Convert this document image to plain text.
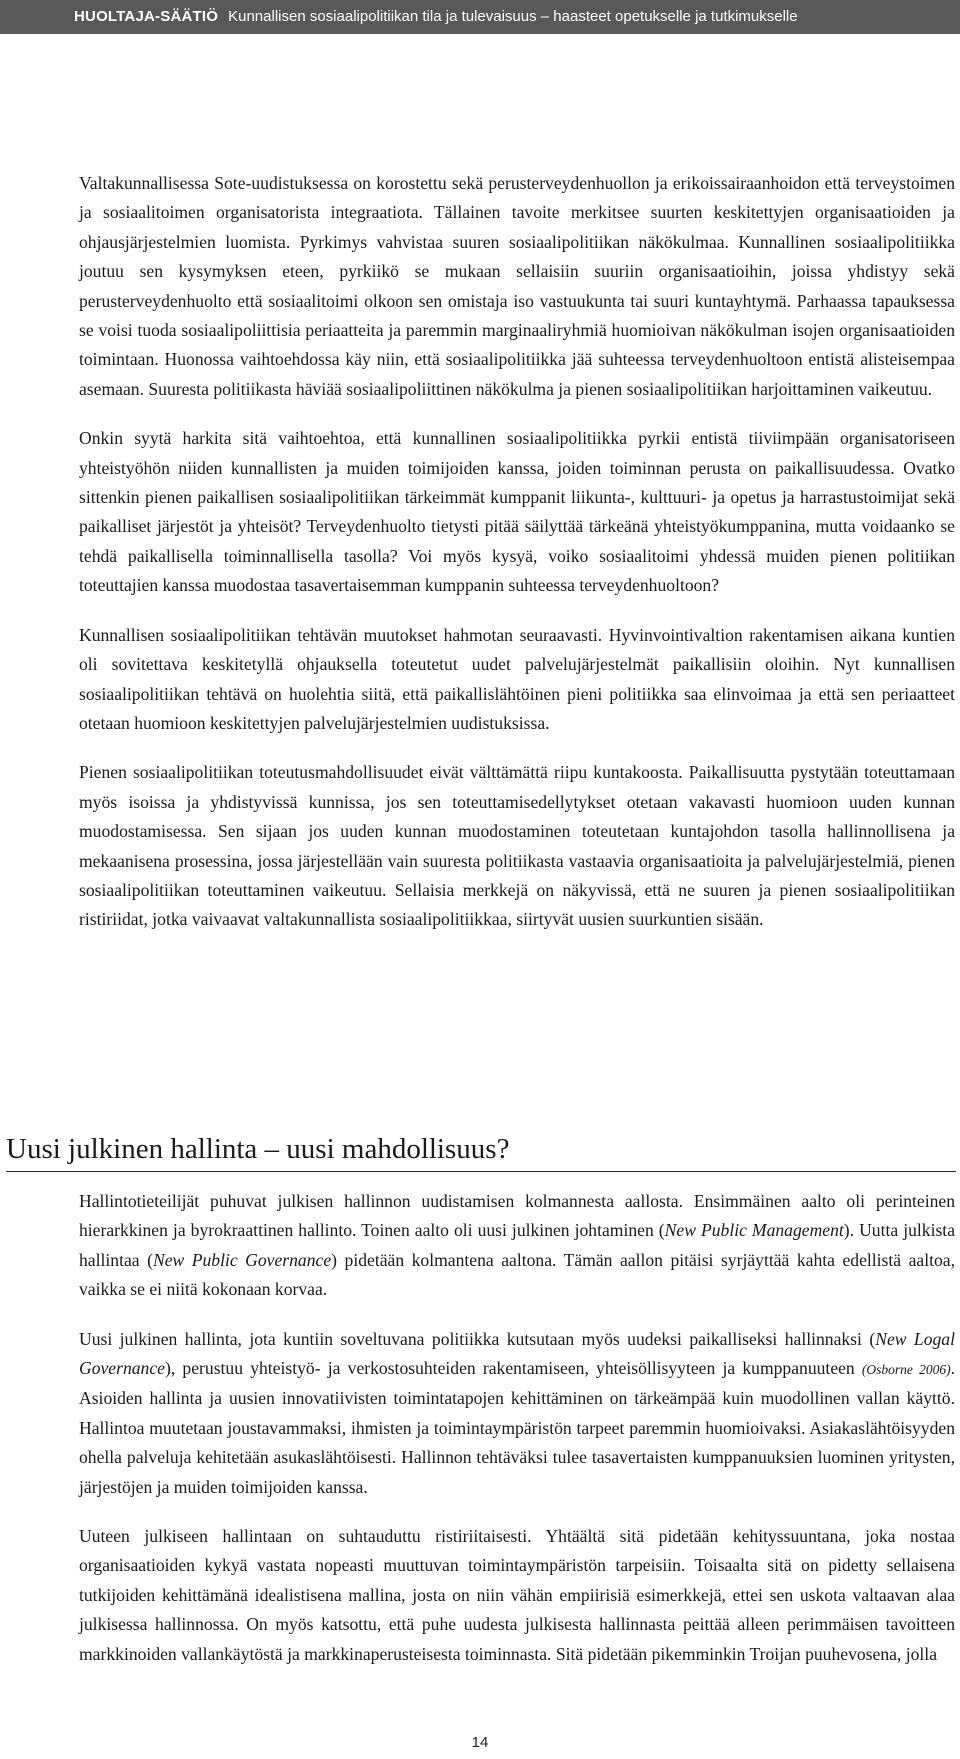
HUOLTAJA-SÄÄTIÖ Kunnallisen sosiaalipolitiikan tila ja tulevaisuus – haasteet opetukselle ja tutkimukselle

Valtakunnallisessa Sote-uudistuksessa on korostettu sekä perusterveydenhuollon ja erikoissairaanhoidon että terveystoimen ja sosiaalitoimen organisatorista integraatiota. Tällainen tavoite merkitsee suurten keskitettyjen organisaatioiden ja ohjausjärjestelmien luomista. Pyrkimys vahvistaa suuren sosiaalipolitiikan näkökulmaa. Kunnallinen sosiaalipolitiikka joutuu sen kysymyksen eteen, pyrkiikö se mukaan sellaisiin suuriin organisaatioihin, joissa yhdistyy sekä perusterveydenhuolto että sosiaalitoimi olkoon sen omistaja iso vastuukunta tai suuri kuntayhtymä. Parhaassa tapauksessa se voisi tuoda sosiaalipoliittisia periaatteita ja paremmin marginaaliryhmiä huomioivan näkökulman isojen organisaatioiden toimintaan. Huonossa vaihtoehdossa käy niin, että sosiaalipolitiikka jää suhteessa terveydenhuoltoon entistä alisteisempaa asemaan. Suuresta politiikasta häviää sosiaalipoliittinen näkökulma ja pienen sosiaalipolitiikan harjoittaminen vaikeutuu.

Onkin syytä harkita sitä vaihtoehtoa, että kunnallinen sosiaalipolitiikka pyrkii entistä tiiviimpään organisatoriseen yhteistyöhön niiden kunnallisten ja muiden toimijoiden kanssa, joiden toiminnan perusta on paikallisuudessa. Ovatko sittenkin pienen paikallisen sosiaalipolitiikan tärkeimmät kumppanit liikunta-, kulttuuri- ja opetus ja harrastustoimijat sekä paikalliset järjestöt ja yhteisöt? Terveydenhuolto tietysti pitää säilyttää tärkeänä yhteistyökumppanina, mutta voidaanko se tehdä paikallisella toiminnallisella tasolla? Voi myös kysyä, voiko sosiaalitoimi yhdessä muiden pienen politiikan toteuttajien kanssa muodostaa tasavertaisemman kumppanin suhteessa terveydenhuoltoon?

Kunnallisen sosiaalipolitiikan tehtävän muutokset hahmotan seuraavasti. Hyvinvointivaltion rakentamisen aikana kuntien oli sovitettava keskitetyllä ohjauksella toteutetut uudet palvelujärjestelmät paikallisiin oloihin. Nyt kunnallisen sosiaalipolitiikan tehtävä on huolehtia siitä, että paikallislähtöinen pieni politiikka saa elinvoimaa ja että sen periaatteet otetaan huomioon keskitettyjen palvelujärjestelmien uudistuksissa.

Pienen sosiaalipolitiikan toteutusmahdollisuudet eivät välttämättä riipu kuntakoosta. Paikallisuutta pystytään toteuttamaan myös isoissa ja yhdistyvissä kunnissa, jos sen toteuttamisedellytykset otetaan vakavasti huomioon uuden kunnan muodostamisessa. Sen sijaan jos uuden kunnan muodostaminen toteutetaan kuntajohdon tasolla hallinnollisena ja mekaanisena prosessina, jossa järjestellään vain suuresta politiikasta vastaavia organisaatioita ja palvelujärjestelmiä, pienen sosiaalipolitiikan toteuttaminen vaikeutuu. Sellaisia merkkejä on näkyvissä, että ne suuren ja pienen sosiaalipolitiikan ristiriidat, jotka vaivaavat valtakunnallista sosiaalipolitiikkaa, siirtyvät uusien suurkuntien sisään.

Uusi julkinen hallinta – uusi mahdollisuus?

Hallintotieteilijät puhuvat julkisen hallinnon uudistamisen kolmannesta aallosta. Ensimmäinen aalto oli perinteinen hierarkkinen ja byrokraattinen hallinto. Toinen aalto oli uusi julkinen johtaminen (New Public Management). Uutta julkista hallintaa (New Public Governance) pidetään kolmantena aaltona. Tämän aallon pitäisi syrjäyttää kahta edellistä aaltoa, vaikka se ei niitä kokonaan korvaa.

Uusi julkinen hallinta, jota kuntiin soveltuvana politiikka kutsutaan myös uudeksi paikalliseksi hallinnaksi (New Logal Governance), perustuu yhteistyö- ja verkostosuhteiden rakentamiseen, yhteisöllisyyteen ja kumppanuuteen (Osborne 2006). Asioiden hallinta ja uusien innovatiivisten toimintatapojen kehittäminen on tärkeämpää kuin muodollinen vallan käyttö. Hallintoa muutetaan joustavammaksi, ihmisten ja toimintaympäristön tarpeet paremmin huomioivaksi. Asiakaslähtöisyyden ohella palveluja kehitetään asukaslähtöisesti. Hallinnon tehtäväksi tulee tasavertaisten kumppanuuksien luominen yritysten, järjestöjen ja muiden toimijoiden kanssa.

Uuteen julkiseen hallintaan on suhtauduttu ristiriitaisesti. Yhtäältä sitä pidetään kehityssuuntana, joka nostaa organisaatioiden kykyä vastata nopeasti muuttuvan toimintaympäristön tarpeisiin. Toisaalta sitä on pidetty sellaisena tutkijoiden kehittämänä idealistisena mallina, josta on niin vähän empiirisiä esimerkkejä, ettei sen uskota valtaavan alaa julkisessa hallinnossa. On myös katsottu, että puhe uudesta julkisesta hallinnasta peittää alleen perimmäisen tavoitteen markkinoiden vallankäytöstä ja markkinaperusteisesta toiminnasta. Sitä pidetään pikemminkin Troijan puuhevosena, jolla

14
